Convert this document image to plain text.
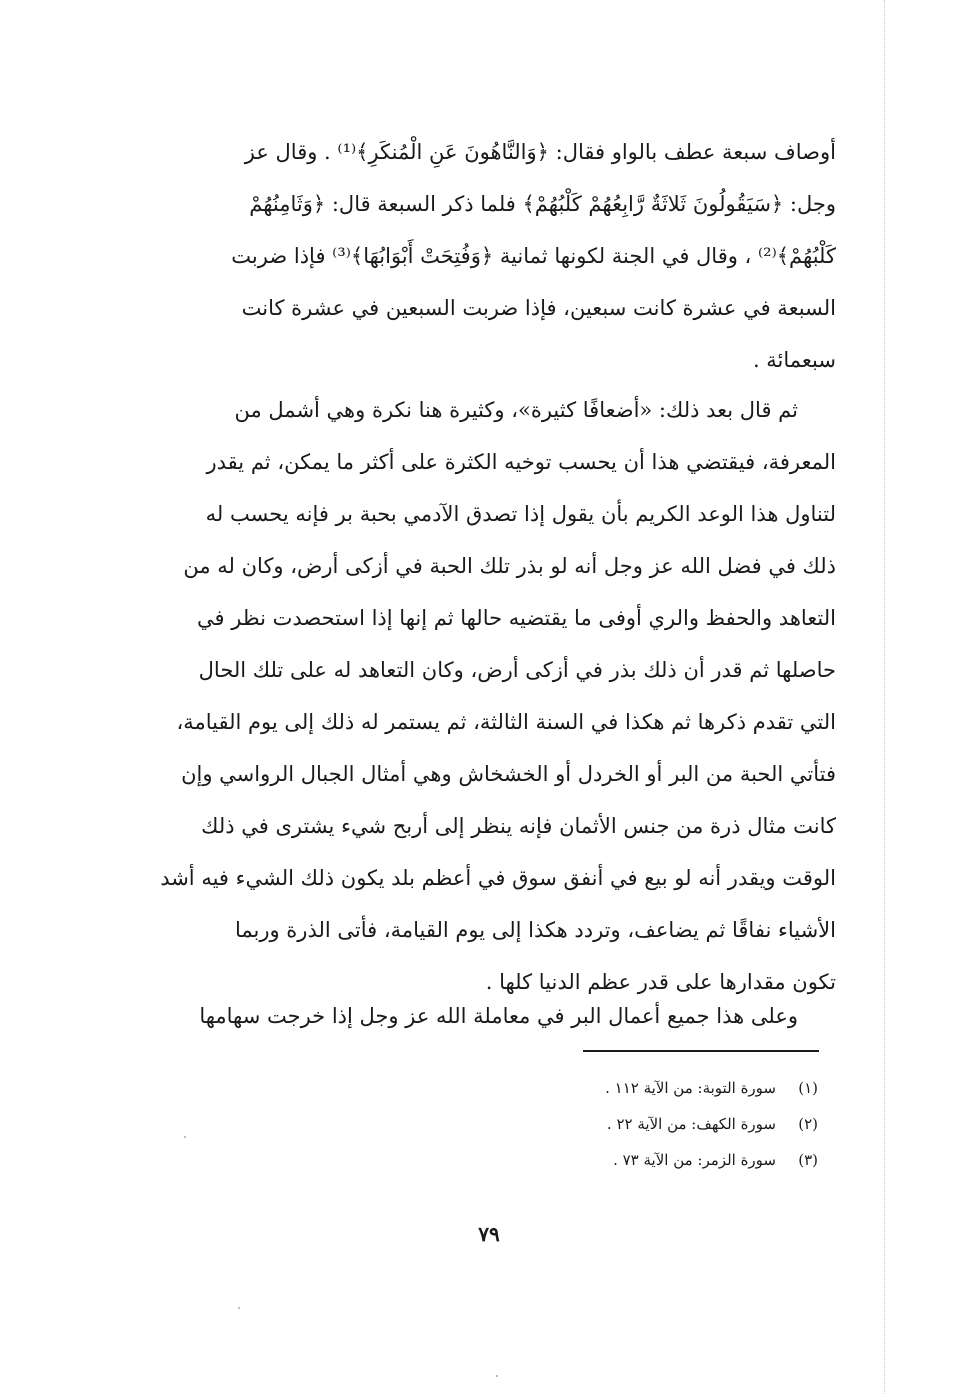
أوصاف سبعة عطف بالواو فقال: ﴿وَالنَّاهُونَ عَنِ الْمُنكَرِ﴾⁽¹⁾ . وقال عز

وجل: ﴿سَيَقُولُونَ ثَلاثَةٌ رَّابِعُهُمْ كَلْبُهُمْ﴾ فلما ذكر السبعة قال: ﴿وَثَامِنُهُمْ

كَلْبُهُمْ﴾⁽²⁾ ، وقال في الجنة لكونها ثمانية ﴿وَفُتِحَتْ أَبْوَابُهَا﴾⁽³⁾ فإذا ضربت

السبعة في عشرة كانت سبعين، فإذا ضربت السبعين في عشرة كانت

سبعمائة .

ثم قال بعد ذلك: «أضعافًا كثيرة»، وكثيرة هنا نكرة وهي أشمل من

المعرفة، فيقتضي هذا أن يحسب توخيه الكثرة على أكثر ما يمكن، ثم يقدر

لتناول هذا الوعد الكريم بأن يقول إذا تصدق الآدمي بحبة بر فإنه يحسب له

ذلك في فضل الله عز وجل أنه لو بذر تلك الحبة في أزكى أرض، وكان له من

التعاهد والحفظ والري أوفى ما يقتضيه حالها ثم إنها إذا استحصدت نظر في

حاصلها ثم قدر أن ذلك بذر في أزكى أرض، وكان التعاهد له على تلك الحال

التي تقدم ذكرها ثم هكذا في السنة الثالثة، ثم يستمر له ذلك إلى يوم القيامة،

فتأتي الحبة من البر أو الخردل أو الخشخاش وهي أمثال الجبال الرواسي وإن

كانت مثال ذرة من جنس الأثمان فإنه ينظر إلى أربح شيء يشترى في ذلك

الوقت ويقدر أنه لو بيع في أنفق سوق في أعظم بلد يكون ذلك الشيء فيه أشد

الأشياء نفاقًا ثم يضاعف، وتردد هكذا إلى يوم القيامة، فأتى الذرة وربما

تكون مقدارها على قدر عظم الدنيا كلها .

وعلى هذا جميع أعمال البر في معاملة الله عز وجل إذا خرجت سهامها

(١)سورة التوبة: من الآية ١١٢ .
(٢)سورة الكهف: من الآية ٢٢ .
(٣)سورة الزمر: من الآية ٧٣ .
٧٩
